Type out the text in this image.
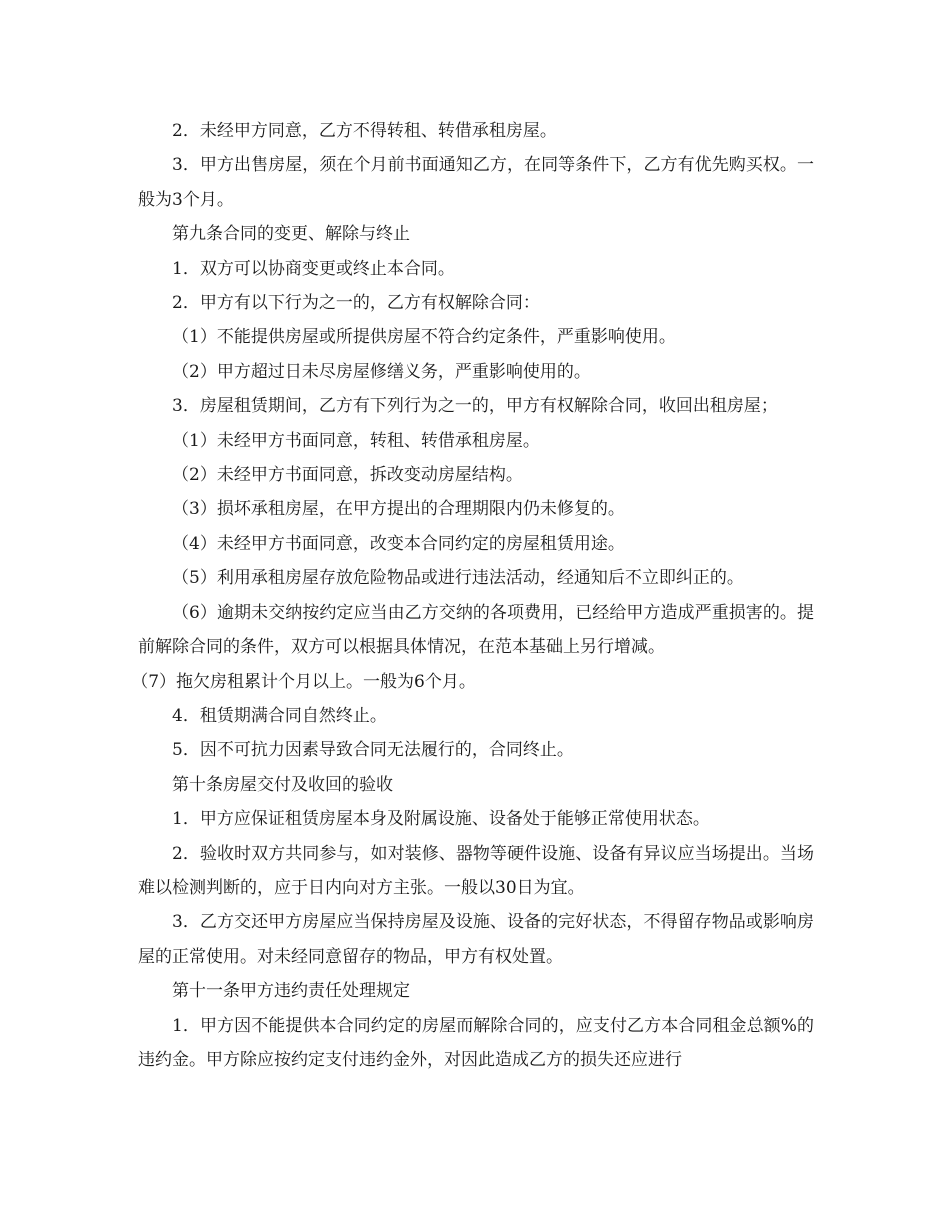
2．未经甲方同意，乙方不得转租、转借承租房屋。

3．甲方出售房屋，须在个月前书面通知乙方，在同等条件下，乙方有优先购买权。一般为3个月。

第九条合同的变更、解除与终止

1．双方可以协商变更或终止本合同。

2．甲方有以下行为之一的，乙方有权解除合同：

（1）不能提供房屋或所提供房屋不符合约定条件，严重影响使用。

（2）甲方超过日未尽房屋修缮义务，严重影响使用的。

3．房屋租赁期间，乙方有下列行为之一的，甲方有权解除合同，收回出租房屋；

（1）未经甲方书面同意，转租、转借承租房屋。

（2）未经甲方书面同意，拆改变动房屋结构。

（3）损坏承租房屋，在甲方提出的合理期限内仍未修复的。

（4）未经甲方书面同意，改变本合同约定的房屋租赁用途。

（5）利用承租房屋存放危险物品或进行违法活动，经通知后不立即纠正的。

（6）逾期未交纳按约定应当由乙方交纳的各项费用，已经给甲方造成严重损害的。提前解除合同的条件，双方可以根据具体情况，在范本基础上另行增减。

（7）拖欠房租累计个月以上。一般为6个月。

4．租赁期满合同自然终止。

5．因不可抗力因素导致合同无法履行的，合同终止。

第十条房屋交付及收回的验收

1．甲方应保证租赁房屋本身及附属设施、设备处于能够正常使用状态。

2．验收时双方共同参与，如对装修、器物等硬件设施、设备有异议应当场提出。当场难以检测判断的，应于日内向对方主张。一般以30日为宜。

3．乙方交还甲方房屋应当保持房屋及设施、设备的完好状态，不得留存物品或影响房屋的正常使用。对未经同意留存的物品，甲方有权处置。

第十一条甲方违约责任处理规定

1．甲方因不能提供本合同约定的房屋而解除合同的，应支付乙方本合同租金总额%的违约金。甲方除应按约定支付违约金外，对因此造成乙方的损失还应进行
